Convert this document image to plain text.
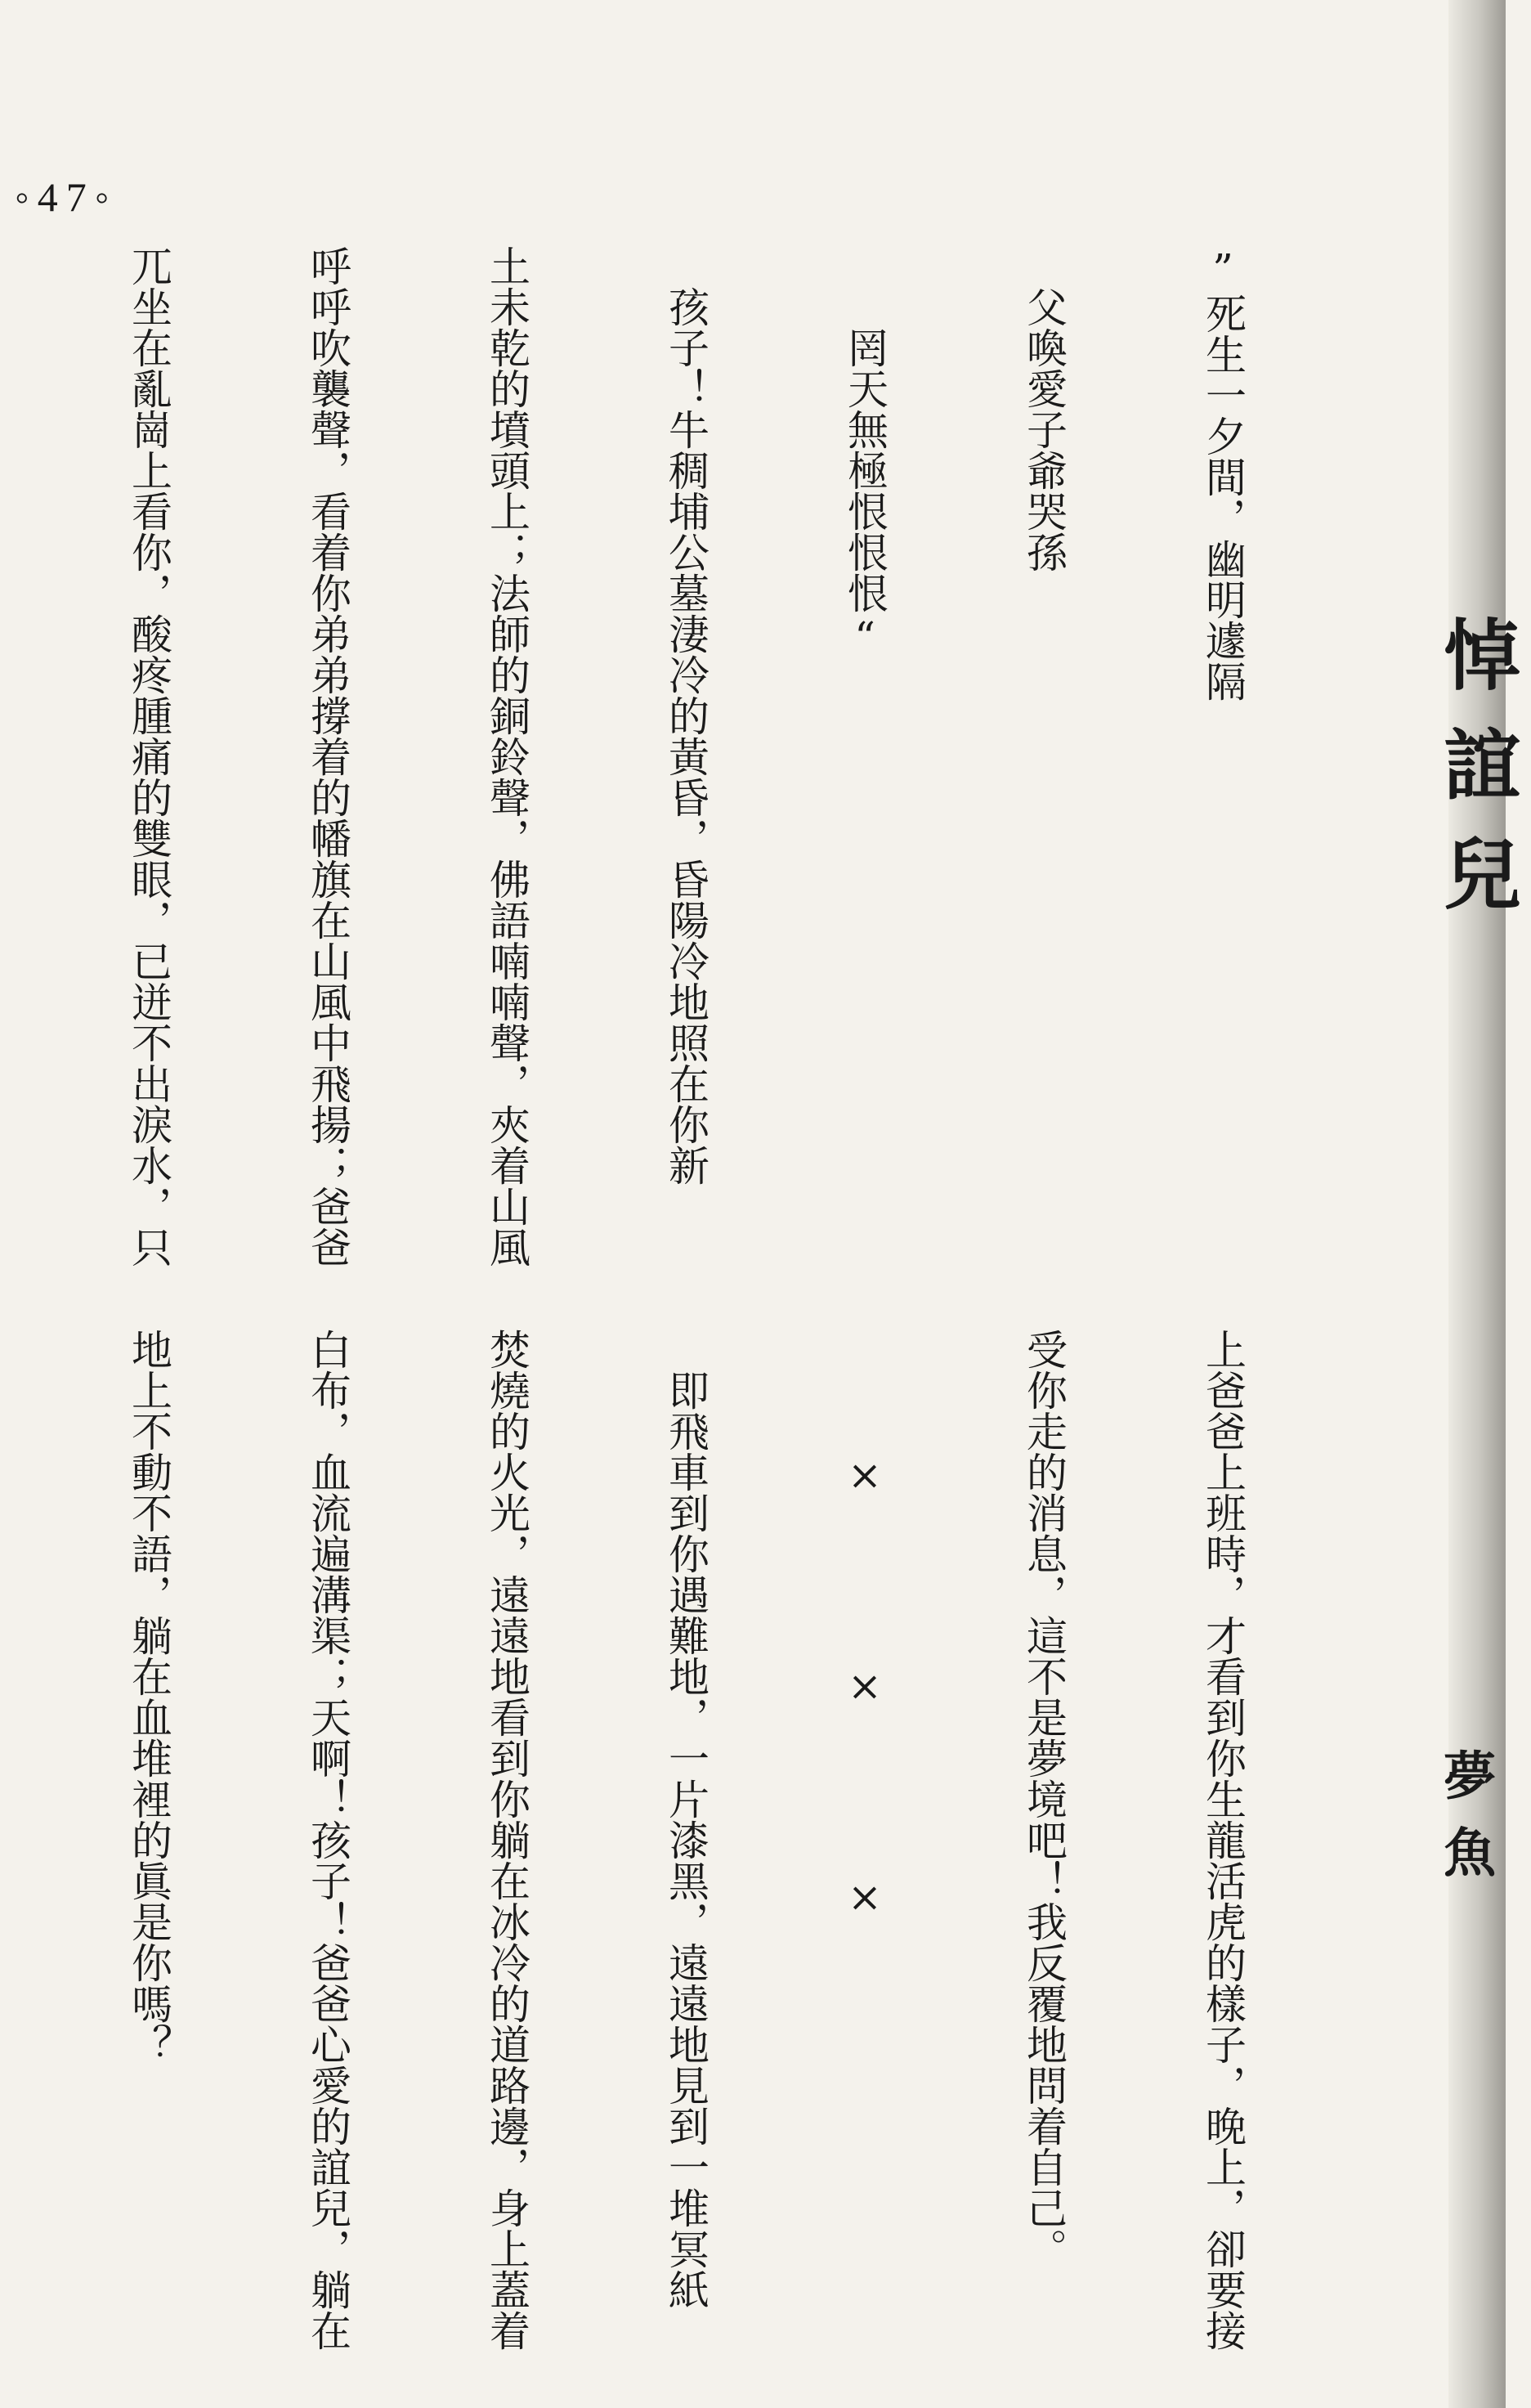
◦47◦
悼誼兒
夢魚

”死生一夕間，幽明遽隔

　父喚愛子爺哭孫

　　罔天無極恨恨恨“

　孩子！牛稠埔公墓淒冷的黃昏，昏陽冷地照在你新

土未乾的墳頭上；法師的銅鈴聲，佛語喃喃聲，夾着山風

呼呼吹襲聲，看着你弟弟撐着的幡旗在山風中飛揚；爸爸

兀坐在亂崗上看你，酸疼腫痛的雙眼，已迸不出淚水，只

上爸爸上班時，才看到你生龍活虎的樣子，晚上，卻要接

受你走的消息，這不是夢境吧！我反覆地問着自己。

　　　×　　　　×　　　　×

　即飛車到你遇難地，一片漆黑，遠遠地見到一堆冥紙

焚燒的火光，遠遠地看到你躺在冰冷的道路邊，身上蓋着

白布，血流遍溝渠；天啊！孩子！爸爸心愛的誼兒，躺在

地上不動不語，躺在血堆裡的眞是你嗎？
